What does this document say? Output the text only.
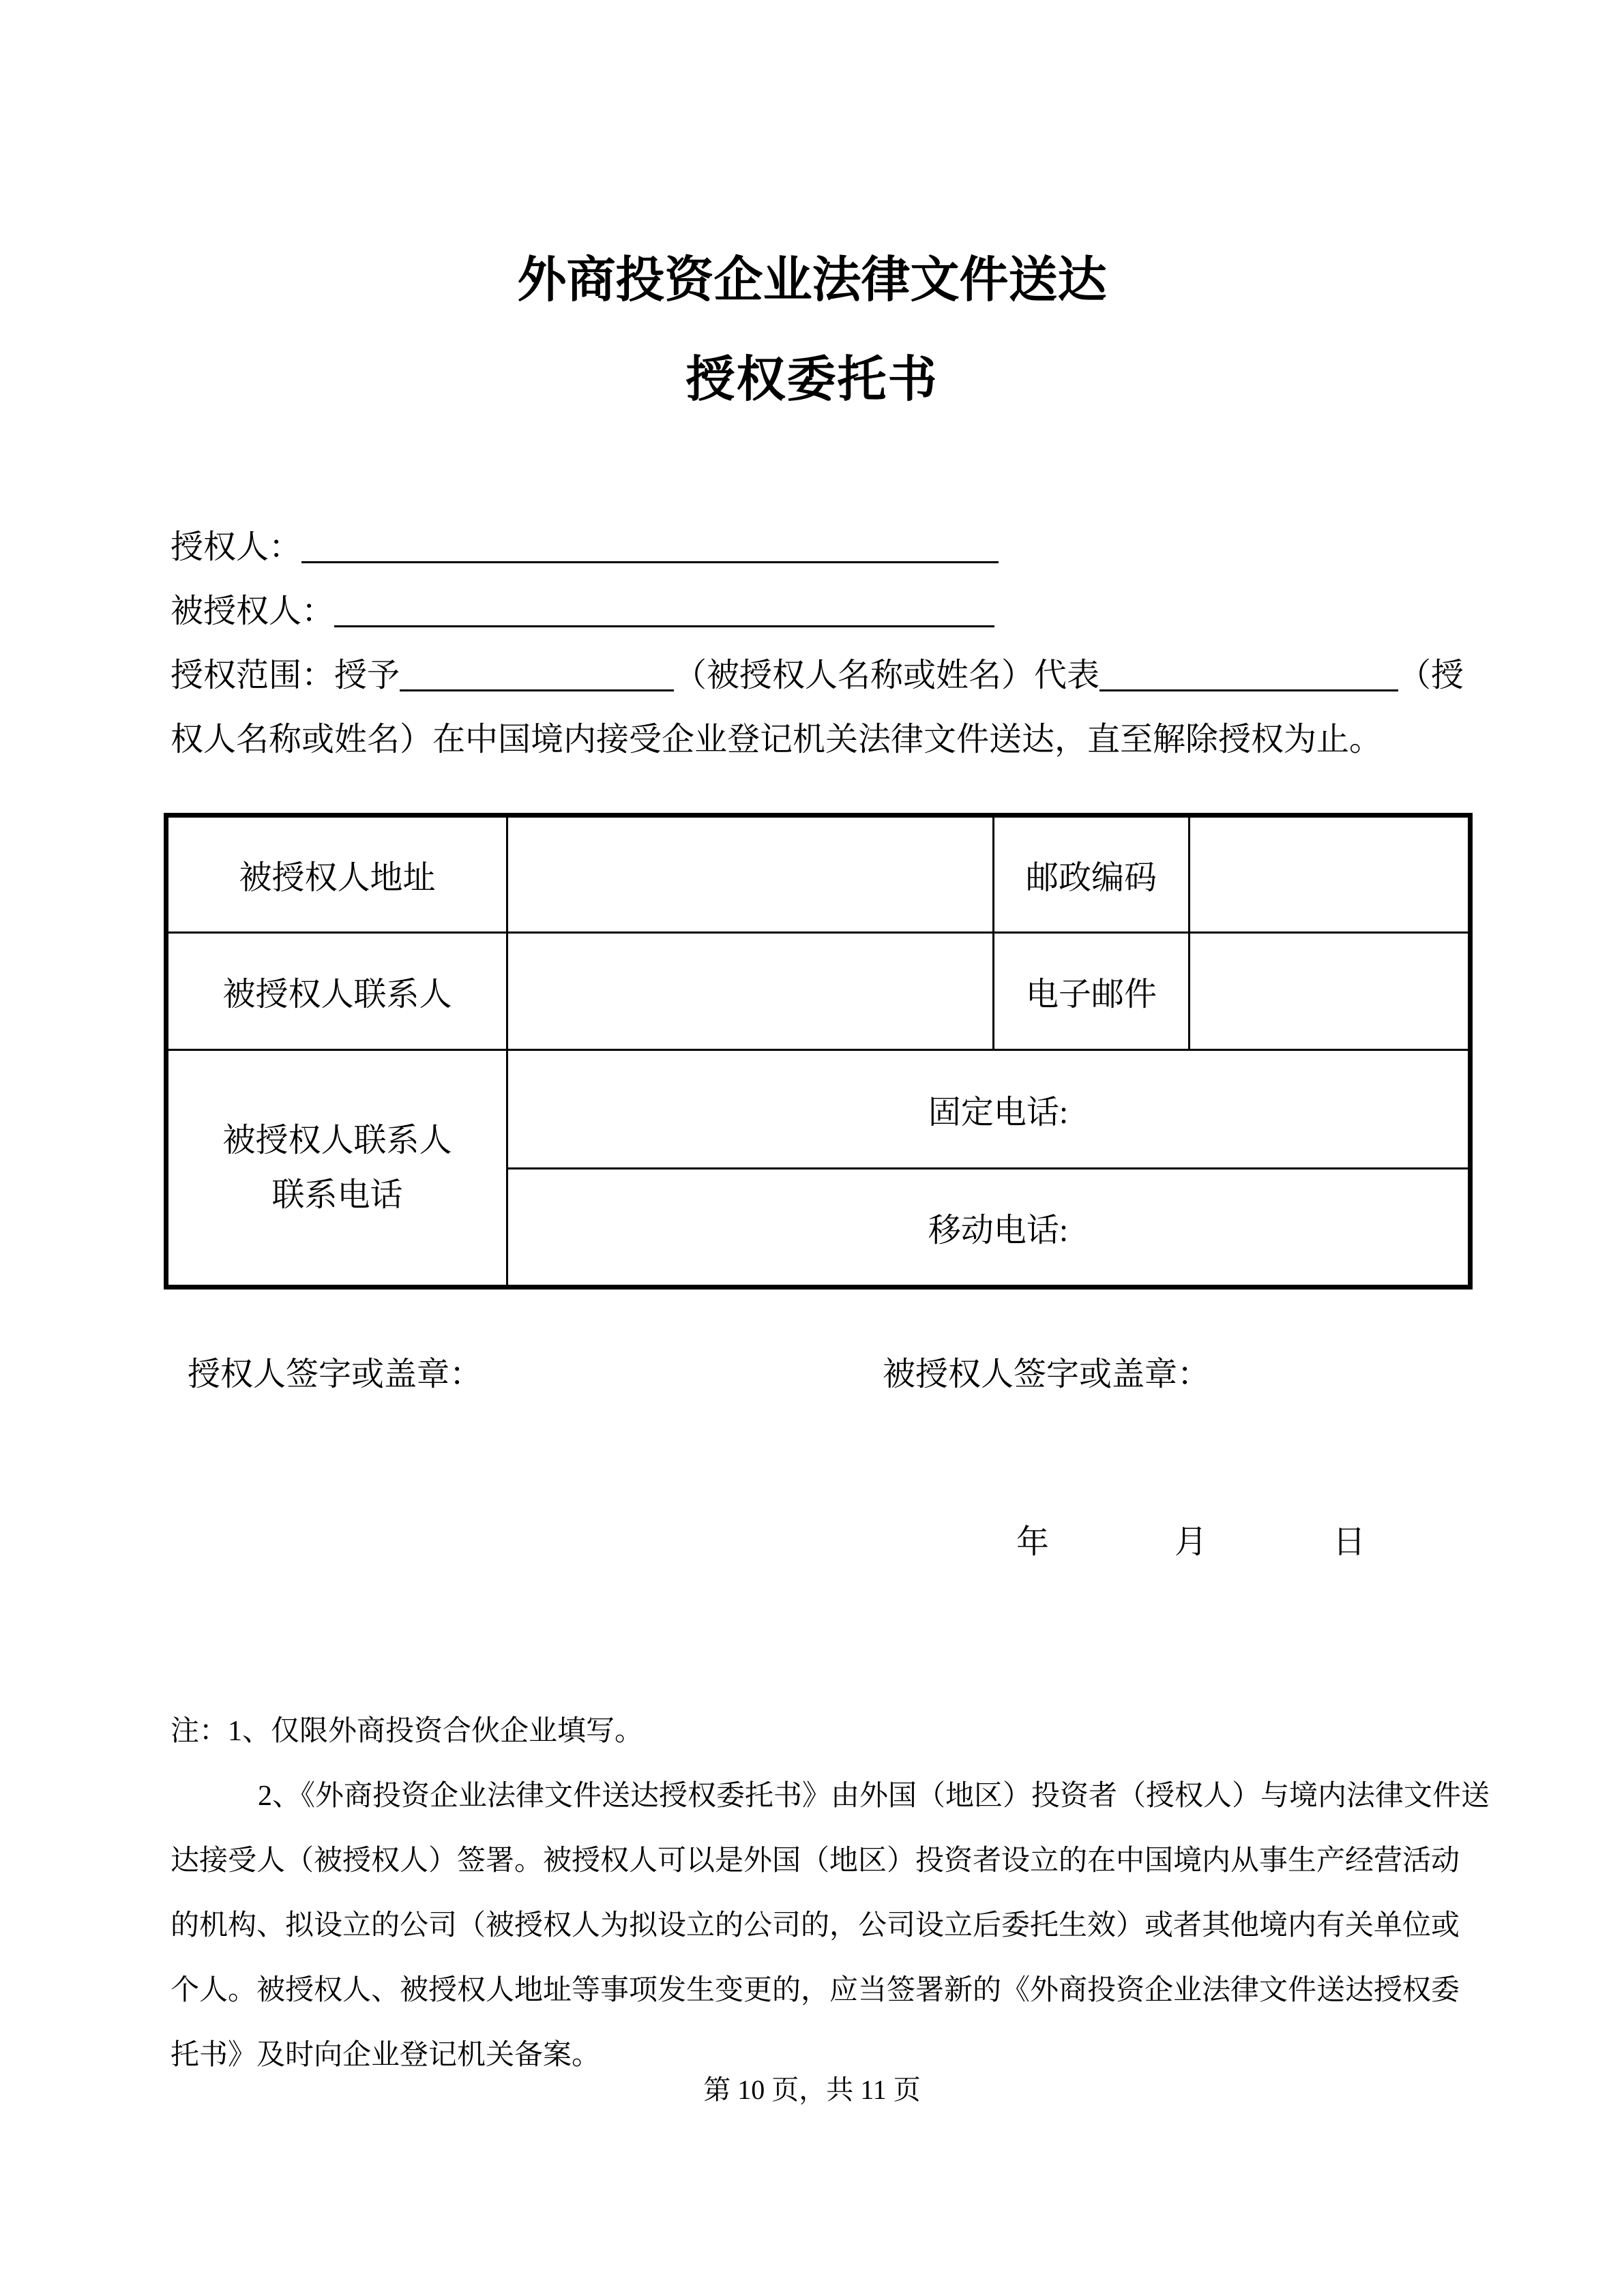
外商投资企业法律文件送达
授权委托书
授权人：
被授权人：
授权范围：授予	（被授权人名称或姓名）代表	（授
权人名称或姓名）在中国境内接受企业登记机关法律文件送达，直至解除授权为止。
被授权人地址		邮政编码	
被授权人联系人		电子邮件	
被授权人联系人
联系电话	固定电话:		
	移动电话:		
授权人签字或盖章：	被授权人签字或盖章：
年	月	日
注：1、仅限外商投资合伙企业填写。
2、《外商投资企业法律文件送达授权委托书》由外国（地区）投资者（授权人）与境内法律文件送
达接受人（被授权人）签署。被授权人可以是外国（地区）投资者设立的在中国境内从事生产经营活动
的机构、拟设立的公司（被授权人为拟设立的公司的，公司设立后委托生效）或者其他境内有关单位或
个人。被授权人、被授权人地址等事项发生变更的，应当签署新的《外商投资企业法律文件送达授权委
托书》及时向企业登记机关备案。
第 10 页，共 11 页
